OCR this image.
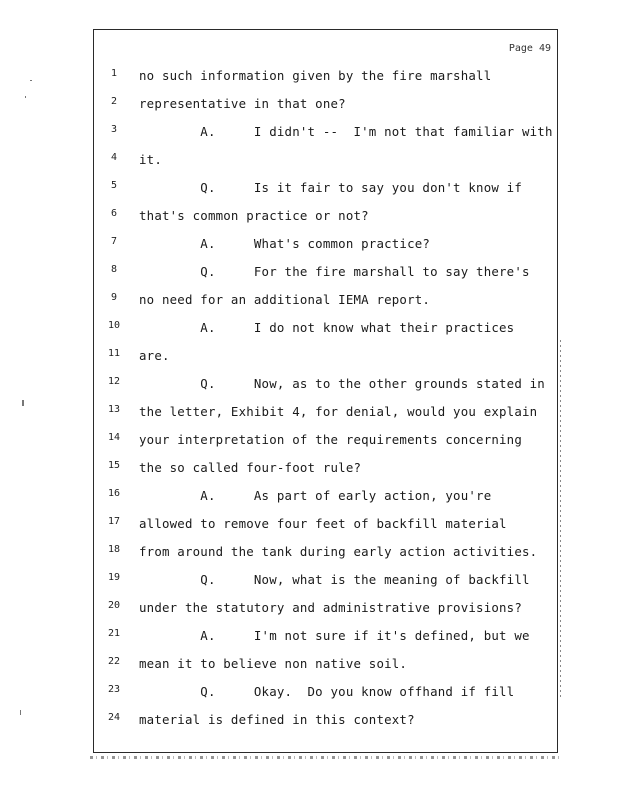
Page 49
1	no such information given by the fire marshall
2	representative in that one?
3	A.     I didn't --  I'm not that familiar with
4	it.
5	Q.     Is it fair to say you don't know if
6	that's common practice or not?
7	A.     What's common practice?
8	Q.     For the fire marshall to say there's
9	no need for an additional IEMA report.
10	A.     I do not know what their practices
11	are.
12	Q.     Now, as to the other grounds stated in
13	the letter, Exhibit 4, for denial, would you explain
14	your interpretation of the requirements concerning
15	the so called four-foot rule?
16	A.     As part of early action, you're
17	allowed to remove four feet of backfill material
18	from around the tank during early action activities.
19	Q.     Now, what is the meaning of backfill
20	under the statutory and administrative provisions?
21	A.     I'm not sure if it's defined, but we
22	mean it to believe non native soil.
23	Q.     Okay.  Do you know offhand if fill
24	material is defined in this context?
